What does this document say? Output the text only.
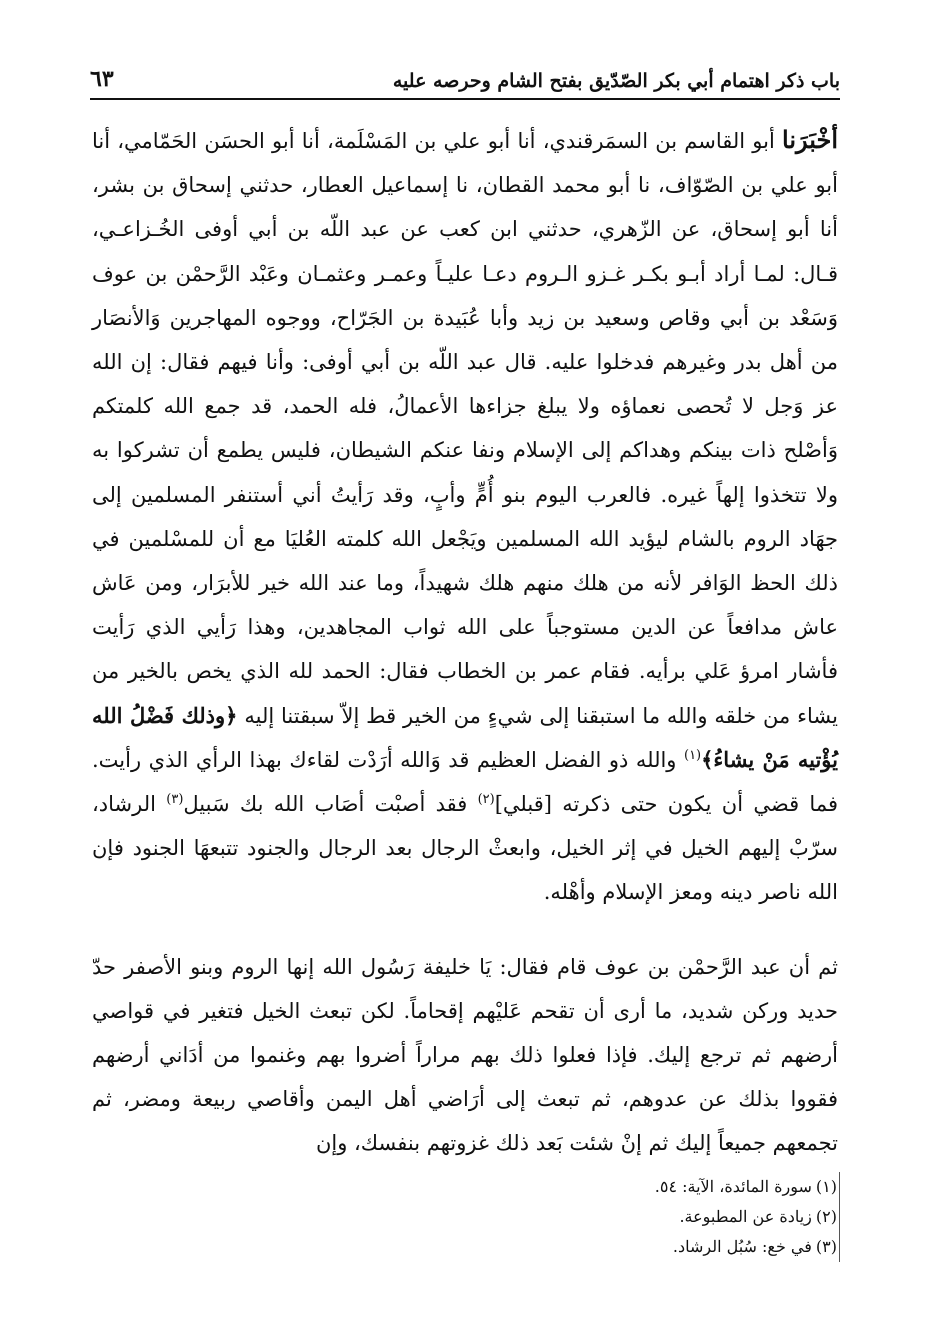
باب ذكر اهتمام أبي بكر الصّدّيق بفتح الشام وحرصه عليه
٦٣

أخْبَرَنا أبو القاسم بن السمَرقندي، أنا أبو علي بن المَسْلَمة، أنا أبو الحسَن الحَمّامي، أنا أبو علي بن الصّوّاف، نا أبو محمد القطان، نا إسماعيل العطار، حدثني إسحاق بن بشر، أنا أبو إسحاق، عن الزّهري، حدثني ابن كعب عن عبد اللّه بن أبي أوفى الخُـزاعـي، قـال: لمـا أراد أبـو بكـر غـزو الـروم دعـا عليـاً وعمـر وعثمـان وعَبْد الرَّحمْن بن عوف وَسَعْد بن أبي وقاص وسعيد بن زيد وأبا عُبَيدة بن الجَرّاح، ووجوه المهاجرين وَالأنصَار من أهل بدر وغيرهم فدخلوا عليه. قال عبد اللّه بن أبي أوفى: وأنا فيهم فقال: إن الله عز وَجل لا تُحصى نعماؤه ولا يبلغ جزاءها الأعمالُ، فله الحمد، قد جمع الله كلمتكم وَأصْلح ذات بينكم وهداكم إلى الإسلام ونفا عنكم الشيطان، فليس يطمع أن تشركوا به ولا تتخذوا إلهاً غيره. فالعرب اليوم بنو أُمٍّ وأبٍ، وقد رَأيتُ أني أستنفر المسلمين إلى جهَاد الروم بالشام ليؤيد الله المسلمين ويَجْعل الله كلمته العُليَا مع أن للمسْلمين في ذلك الحظ الوَافر لأنه من هلك منهم هلك شهيداً، وما عند الله خير للأبرَار، ومن عَاش عاش مدافعاً عن الدين مستوجباً على الله ثواب المجاهدين، وهذا رَأيي الذي رَأيت فأشار امرؤ عَلي برأيه. فقام عمر بن الخطاب فقال: الحمد لله الذي يخص بالخير من يشاء من خلقه والله ما استبقنا إلى شيءٍ من الخير قط إلاّ سبقتنا إليه ﴿وذلك فَضْلُ الله يُؤْتيه مَنْ يشاءُ﴾$^{(١)}$ والله ذو الفضل العظيم قد وَالله أرَدْت لقاءك بهذا الرأي الذي رأيت. فما قضي أن يكون حتى ذكرته [قبلي]$^{(٢)}$ فقد أصبْت أصَاب الله بك سَبيل$^{(٣)}$ الرشاد، سرّبْ إليهم الخيل في إثر الخيل، وابعثْ الرجال بعد الرجال والجنود تتبعهَا الجنود فإن الله ناصر دينه ومعز الإسلام وأهْله.

ثم أن عبد الرَّحمْن بن عوف قام فقال: يَا خليفة رَسُول الله إنها الروم وبنو الأصفر حدّ حديد وركن شديد، ما أرى أن تقحم عَليْهم إقحاماً. لكن تبعث الخيل فتغير في قواصي أرضهم ثم ترجع إليك. فإذا فعلوا ذلك بهم مراراً أضروا بهم وغنموا من أدَاني أرضهم فقووا بذلك عن عدوهم، ثم تبعث إلى أرَاضي أهل اليمن وأقاصي ربيعة ومضر، ثم تجمعهم جميعاً إليك ثم إنْ شئت بَعد ذلك غزوتهم بنفسك، وإن

(١)
سورة المائدة، الآية: ٥٤.
(٢)
زيادة عن المطبوعة.
(٣)
في خع: سُبُل الرشاد.
